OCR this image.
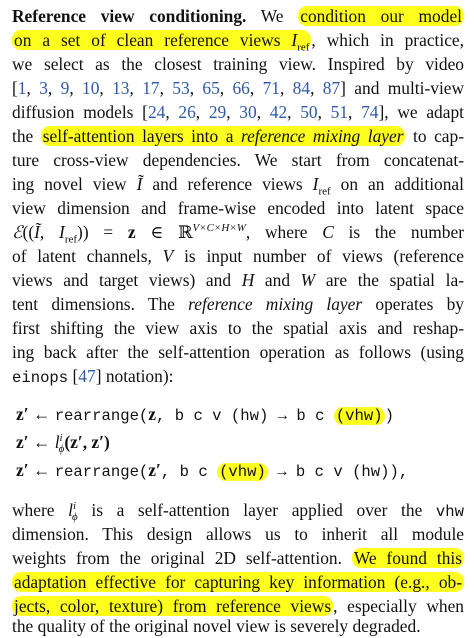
Reference view conditioning. We condition our model
on a set of clean reference views $I_{ref}$ , which in practice,
we select as the closest training view. Inspired by video
[1, 3, 9, 10, 13, 17, 53, 65, 66, 71, 84, 87] and multi-view
diffusion models [24, 26, 29, 30, 42, 50, 51, 74], we adapt
the self-attention layers into a reference mixing layer to cap-
ture cross-view dependencies. We start from concatenat-
ing novel view Ĩ and reference views $I_{ref}$ on an additional
view dimension and frame-wise encoded into latent space
ℰ((Ĩ, $I_{ref})) = z$ ∈ ℝ$^{V\times C\times H\times W}$, where C is the number
of latent channels, V is input number of views (reference
views and target views) and H and W are the spatial la-
tent dimensions. The reference mixing layer operates by
first shifting the view axis to the spatial axis and reshap-
ing back after the self-attention operation as follows (using
einops [47] notation):
z′ ← rearrange(z, b c v (hw) → b c (vhw) )
z′ ← $l^i_\phi(z'$, z′)
z′ ← rearrange(z′, b c (vhw) → b c v (hw)),
where $l^i_\phi$ is a self-attention layer applied over the vhw
dimension. This design allows us to inherit all module
weights from the original 2D self-attention. We found this
adaptation effective for capturing key information (e.g., ob-
jects, color, texture) from reference views , especially when
the quality of the original novel view is severely degraded.
